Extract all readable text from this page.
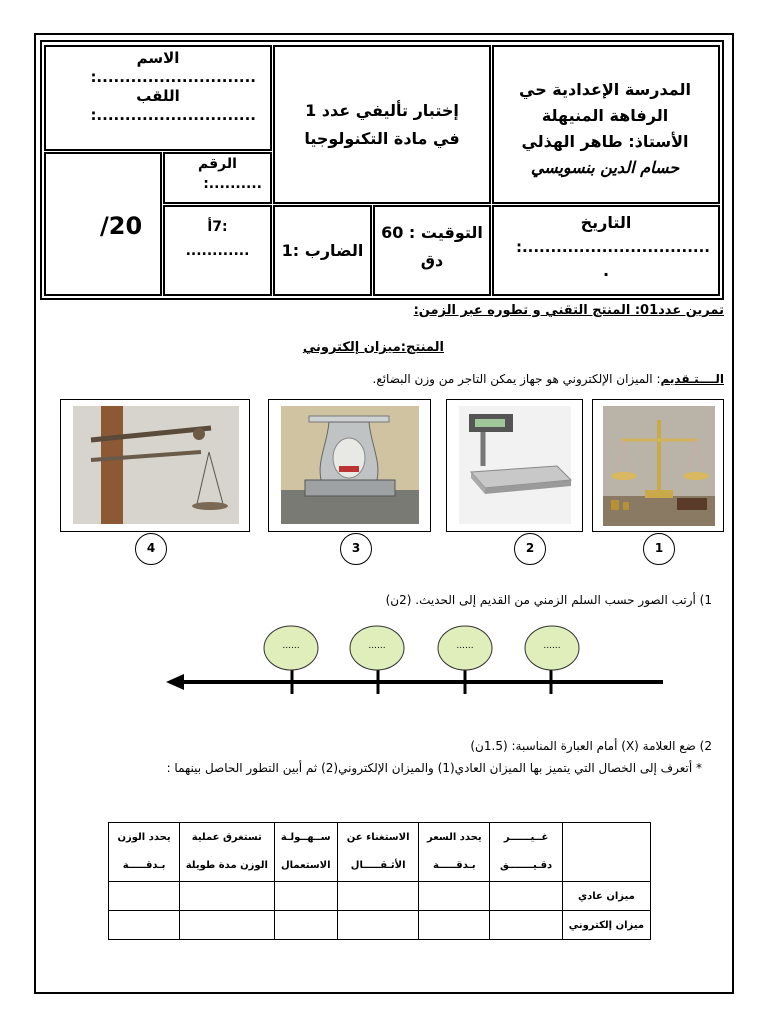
المدرسة الإعدادية حي
الرفاهة المنيهلة
الأستاذ: طاهر الهذلي
حسام الدين بنسويسي
إختبار تأليفي عدد 1
في مادة التكنولوجيا
الاسم
............................:
اللقب
............................:
الرقم
..........:
/20	التاريخ
.................................:
.
التوقيت : 60
دق
الضارب :1
:7أ
............
تمرين عدد01: المنتج التقني و تطوره عبر الزمن:
المنتج:ميزان إلكتروني
الــــتـقديم: الميزان الإلكتروني هو جهاز يمكن التاجر من وزن البضائع.
1
2
3
4
1) أرتب الصور حسب السلم الزمني من القديم إلى الحديث. (2ن)
......	......	......	......
2) ضع العلامة (X) أمام العبارة المناسبة: (1.5ن)
* أتعرف إلى الخصال التي يتميز بها الميزان العادي(1) والميزان الإلكتروني(2) ثم أبين التطور الحاصل بينهما :
	غــيــــــر دقـيـــــــق	يحدد السعر بـدقـــــة	الاستغناء عن الأثـقـــــال	ســهــولـة الاستعمال	تستغرق عملية الوزن مدة طويلة	يحدد الوزن بـدقـــــة
ميزان عادي						
ميزان إلكتروني						
